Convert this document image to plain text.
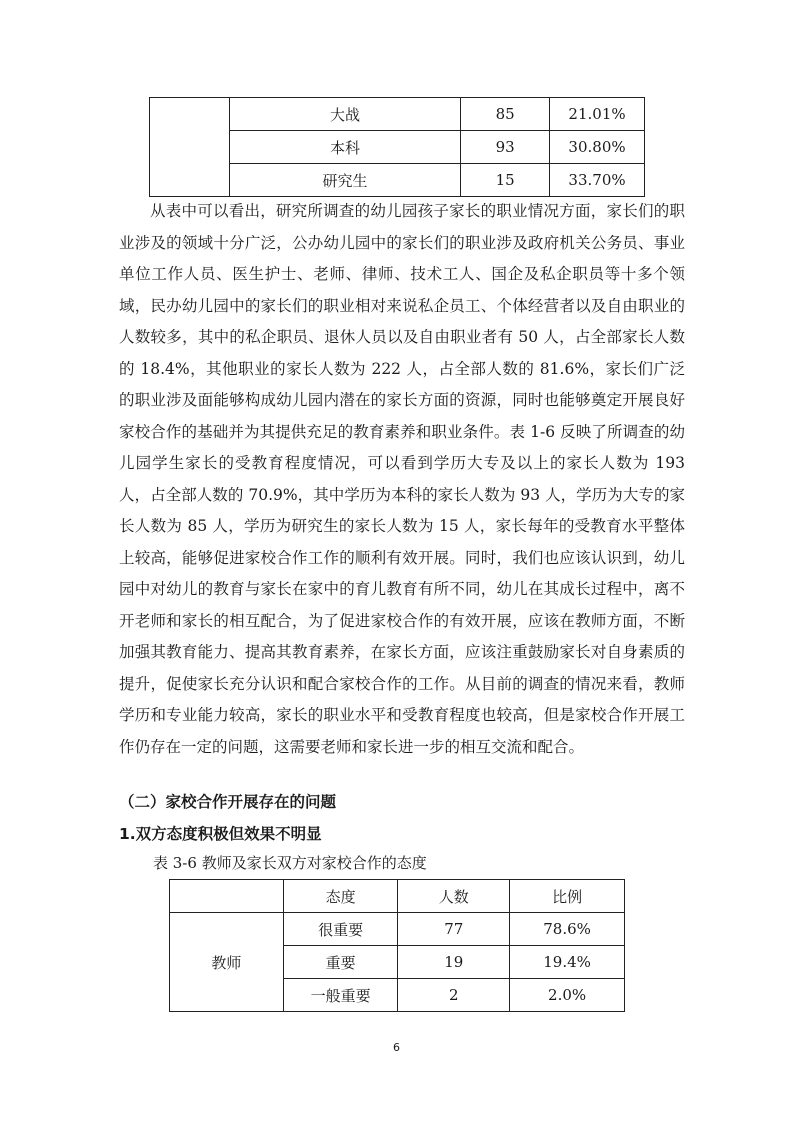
	大战	85	21.01%
	本科	93	30.80%
	研究生	15	33.70%

从表中可以看出，研究所调查的幼儿园孩子家长的职业情况方面，家长们的职业涉及的领域十分广泛，公办幼儿园中的家长们的职业涉及政府机关公务员、事业单位工作人员、医生护士、老师、律师、技术工人、国企及私企职员等十多个领域，民办幼儿园中的家长们的职业相对来说私企员工、个体经营者以及自由职业的人数较多，其中的私企职员、退休人员以及自由职业者有 50 人，占全部家长人数的 18.4%，其他职业的家长人数为 222 人，占全部人数的 81.6%，家长们广泛的职业涉及面能够构成幼儿园内潜在的家长方面的资源，同时也能够奠定开展良好家校合作的基础并为其提供充足的教育素养和职业条件。表 1-6 反映了所调查的幼儿园学生家长的受教育程度情况，可以看到学历大专及以上的家长人数为 193 人，占全部人数的 70.9%，其中学历为本科的家长人数为 93 人，学历为大专的家长人数为 85 人，学历为研究生的家长人数为 15 人，家长每年的受教育水平整体上较高，能够促进家校合作工作的顺利有效开展。同时，我们也应该认识到，幼儿园中对幼儿的教育与家长在家中的育儿教育有所不同，幼儿在其成长过程中，离不开老师和家长的相互配合，为了促进家校合作的有效开展，应该在教师方面，不断加强其教育能力、提高其教育素养，在家长方面，应该注重鼓励家长对自身素质的提升，促使家长充分认识和配合家校合作的工作。从目前的调查的情况来看，教师学历和专业能力较高，家长的职业水平和受教育程度也较高，但是家校合作开展工作仍存在一定的问题，这需要老师和家长进一步的相互交流和配合。

（二）家校合作开展存在的问题

1.双方态度积极但效果不明显

表 3-6 教师及家长双方对家校合作的态度

	态度	人数	比例
教师	很重要	77	78.6%
	重要	19	19.4%
	一般重要	2	2.0%
6
